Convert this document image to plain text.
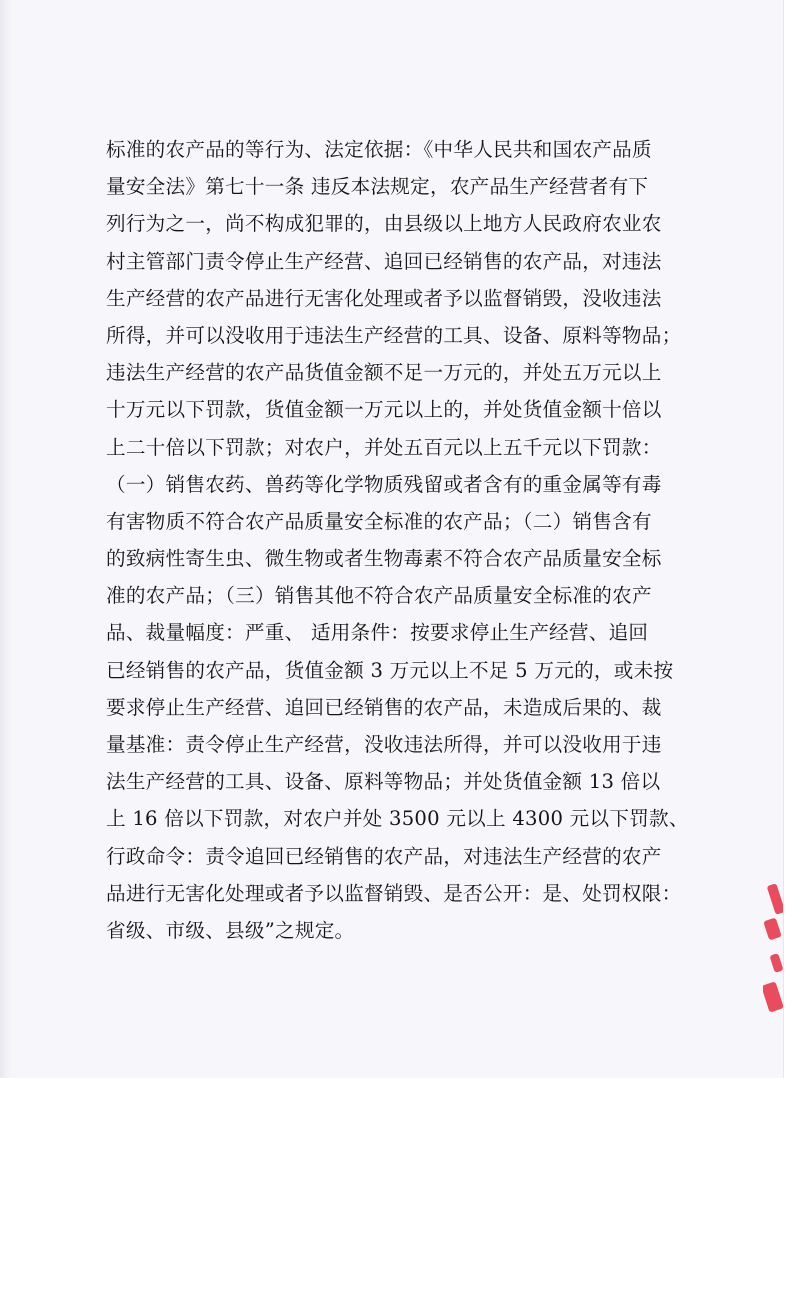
标准的农产品的等行为、法定依据：《中华人民共和国农产品质
量安全法》第七十一条 违反本法规定，农产品生产经营者有下
列行为之一，尚不构成犯罪的，由县级以上地方人民政府农业农
村主管部门责令停止生产经营、追回已经销售的农产品，对违法
生产经营的农产品进行无害化处理或者予以监督销毁，没收违法
所得，并可以没收用于违法生产经营的工具、设备、原料等物品；
违法生产经营的农产品货值金额不足一万元的，并处五万元以上
十万元以下罚款，货值金额一万元以上的，并处货值金额十倍以
上二十倍以下罚款；对农户，并处五百元以上五千元以下罚款：
（一）销售农药、兽药等化学物质残留或者含有的重金属等有毒
有害物质不符合农产品质量安全标准的农产品；（二）销售含有
的致病性寄生虫、微生物或者生物毒素不符合农产品质量安全标
准的农产品；（三）销售其他不符合农产品质量安全标准的农产
品、裁量幅度：严重、 适用条件：按要求停止生产经营、追回
已经销售的农产品，货值金额 3 万元以上不足 5 万元的，或未按
要求停止生产经营、追回已经销售的农产品，未造成后果的、裁
量基准：责令停止生产经营，没收违法所得，并可以没收用于违
法生产经营的工具、设备、原料等物品；并处货值金额 13 倍以
上 16 倍以下罚款，对农户并处 3500 元以上 4300 元以下罚款、
行政命令：责令追回已经销售的农产品，对违法生产经营的农产
品进行无害化处理或者予以监督销毁、是否公开：是、处罚权限：
省级、市级、县级”之规定。
